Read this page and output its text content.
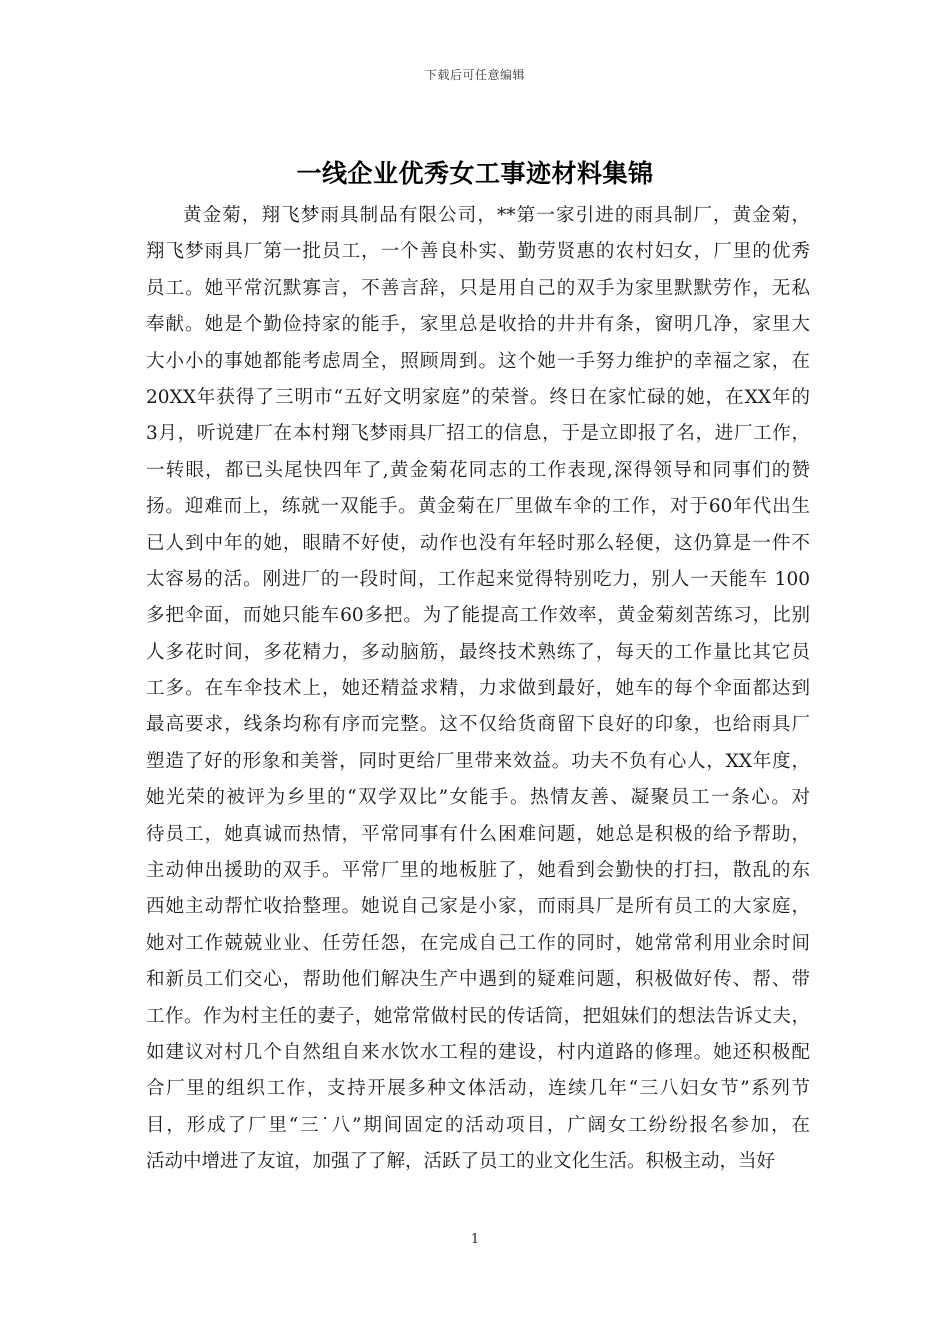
下载后可任意编辑
一线企业优秀女工事迹材料集锦
黄金菊，翔飞梦雨具制品有限公司，**第一家引进的雨具制厂，黄金菊，
翔飞梦雨具厂第一批员工，一个善良朴实、勤劳贤惠的农村妇女，厂里的优秀
员工。她平常沉默寡言，不善言辞，只是用自己的双手为家里默默劳作，无私
奉献。她是个勤俭持家的能手，家里总是收拾的井井有条，窗明几净，家里大
大小小的事她都能考虑周全，照顾周到。这个她一手努力维护的幸福之家，在
20XX年获得了三明市“五好文明家庭”的荣誉。终日在家忙碌的她，在XX年的
3月，听说建厂在本村翔飞梦雨具厂招工的信息，于是立即报了名，进厂工作，
一转眼，都已头尾快四年了,黄金菊花同志的工作表现,深得领导和同事们的赞
扬。迎难而上，练就一双能手。黄金菊在厂里做车伞的工作，对于60年代出生
已人到中年的她，眼睛不好使，动作也没有年轻时那么轻便，这仍算是一件不
太容易的活。刚进厂的一段时间，工作起来觉得特别吃力，别人一天能车 100
多把伞面，而她只能车60多把。为了能提高工作效率，黄金菊刻苦练习，比别
人多花时间，多花精力，多动脑筋，最终技术熟练了，每天的工作量比其它员
工多。在车伞技术上，她还精益求精，力求做到最好，她车的每个伞面都达到
最高要求，线条均称有序而完整。这不仅给货商留下良好的印象，也给雨具厂
塑造了好的形象和美誉，同时更给厂里带来效益。功夫不负有心人，XX年度，
她光荣的被评为乡里的“双学双比”女能手。热情友善、凝聚员工一条心。对
待员工，她真诚而热情，平常同事有什么困难问题，她总是积极的给予帮助，
主动伸出援助的双手。平常厂里的地板脏了，她看到会勤快的打扫，散乱的东
西她主动帮忙收拾整理。她说自己家是小家，而雨具厂是所有员工的大家庭，
她对工作兢兢业业、任劳任怨，在完成自己工作的同时，她常常利用业余时间
和新员工们交心，帮助他们解决生产中遇到的疑难问题，积极做好传、帮、带
工作。作为村主任的妻子，她常常做村民的传话筒，把姐妹们的想法告诉丈夫，
如建议对村几个自然组自来水饮水工程的建设，村内道路的修理。她还积极配
合厂里的组织工作，支持开展多种文体活动，连续几年“三八妇女节”系列节
目，形成了厂里“三˙八”期间固定的活动项目，广阔女工纷纷报名参加，在
活动中增进了友谊，加强了了解，活跃了员工的业文化生活。积极主动，当好
1
